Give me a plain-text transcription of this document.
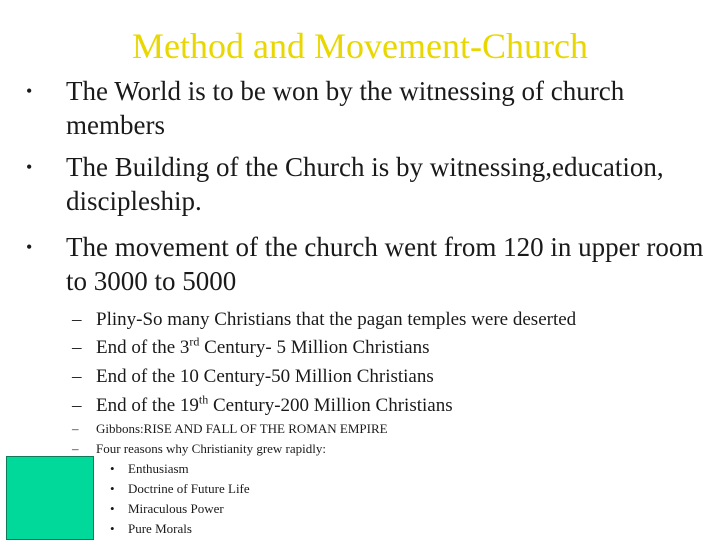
Method and Movement-Church
• The World is to be won by the witnessing of church members
• The Building of the Church is by witnessing,education, discipleship.
• The movement of the church went from 120 in upper room to 3000 to 5000
– Pliny-So many Christians that the pagan temples were deserted
– End of the 3rd Century- 5 Million Christians
– End of the 10 Century-50 Million Christians
– End of the 19th Century-200 Million Christians
– Gibbons:RISE AND FALL OF THE ROMAN EMPIRE
– Four reasons why Christianity grew rapidly:
• Enthusiasm
• Doctrine of Future Life
• Miraculous Power
• Pure Morals
